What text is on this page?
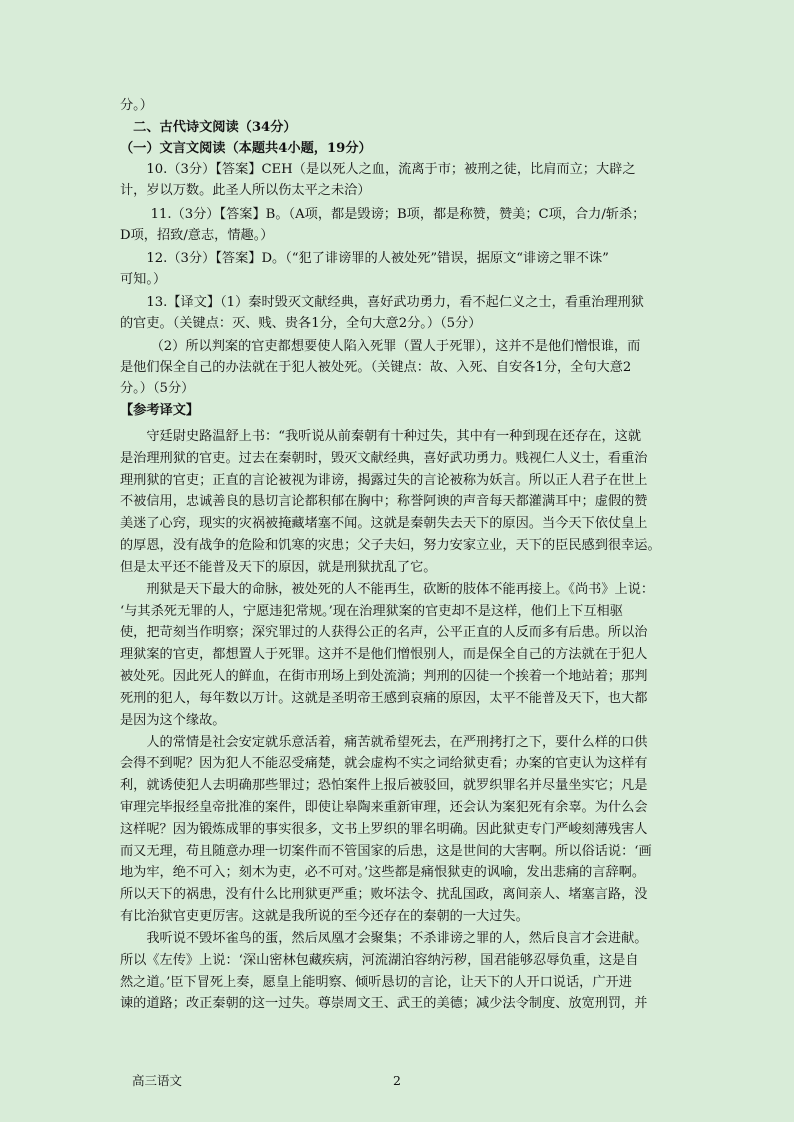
分。）
　二、古代诗文阅读（34分）
（一）文言文阅读（本题共4小题，19分）
　　10.（3分）【答案】CEH（是以死人之血，流离于市；被刑之徒，比肩而立；大辟之
计，岁以万数。此圣人所以伤太平之未洽）
　　 11.（3分）【答案】B。（A项，都是毁谤；B项，都是称赞，赞美；C项，合力/斩杀；
D项，招致/意志，情趣。）
　　12.（3分）【答案】D。（“犯了诽谤罪的人被处死”错误，据原文“诽谤之罪不诛”
可知。）
　　13.【译文】（1）秦时毁灭文献经典，喜好武功勇力，看不起仁义之士，看重治理刑狱
的官吏。（关键点：灭、贱、贵各1分，全句大意2分。）（5分）
　　 （2）所以判案的官吏都想要使人陷入死罪（置人于死罪），这并不是他们憎恨谁，而
是他们保全自己的办法就在于犯人被处死。（关键点：故、入死、自安各1分，全句大意2
分。）（5分）
【参考译文】
　　守廷尉史路温舒上书：“我听说从前秦朝有十种过失，其中有一种到现在还存在，这就
是治理刑狱的官吏。过去在秦朝时，毁灭文献经典，喜好武功勇力。贱视仁人义士，看重治
理刑狱的官吏；正直的言论被视为诽谤，揭露过失的言论被称为妖言。所以正人君子在世上
不被信用，忠诚善良的恳切言论都积郁在胸中；称誉阿谀的声音每天都灌满耳中；虚假的赞
美迷了心窍，现实的灾祸被掩藏堵塞不闻。这就是秦朝失去天下的原因。当今天下依仗皇上
的厚恩，没有战争的危险和饥寒的灾患；父子夫妇，努力安家立业，天下的臣民感到很幸运。
但是太平还不能普及天下的原因，就是刑狱扰乱了它。
　　刑狱是天下最大的命脉，被处死的人不能再生，砍断的肢体不能再接上。《尚书》上说：
‘与其杀死无罪的人，宁愿违犯常规。’现在治理狱案的官吏却不是这样，他们上下互相驱
使，把苛刻当作明察；深究罪过的人获得公正的名声，公平正直的人反而多有后患。所以治
理狱案的官吏，都想置人于死罪。这并不是他们憎恨别人，而是保全自己的方法就在于犯人
被处死。因此死人的鲜血，在街市刑场上到处流淌；判刑的囚徒一个挨着一个地站着；那判
死刑的犯人，每年数以万计。这就是圣明帝王感到哀痛的原因，太平不能普及天下，也大都
是因为这个缘故。
　　人的常情是社会安定就乐意活着，痛苦就希望死去，在严刑拷打之下，要什么样的口供
会得不到呢？因为犯人不能忍受痛楚，就会虚构不实之词给狱吏看；办案的官吏认为这样有
利，就诱使犯人去明确那些罪过；恐怕案件上报后被驳回，就罗织罪名并尽量坐实它；凡是
审理完毕报经皇帝批准的案件，即使让皋陶来重新审理，还会认为案犯死有余辜。为什么会
这样呢？因为锻炼成罪的事实很多，文书上罗织的罪名明确。因此狱吏专门严峻刻薄残害人
而又无理，苟且随意办理一切案件而不管国家的后患，这是世间的大害啊。所以俗话说：‘画
地为牢，绝不可入；刻木为吏，必不可对。’这些都是痛恨狱吏的讽喻，发出悲痛的言辞啊。
所以天下的祸患，没有什么比刑狱更严重；败坏法令、扰乱国政，离间亲人、堵塞言路，没
有比治狱官吏更厉害。这就是我所说的至今还存在的秦朝的一大过失。
　　我听说不毁坏雀鸟的蛋，然后凤凰才会聚集；不杀诽谤之罪的人，然后良言才会进献。
所以《左传》上说：‘深山密林包藏疾病，河流湖泊容纳污秽，国君能够忍辱负重，这是自
然之道。’臣下冒死上奏，愿皇上能明察、倾听恳切的言论，让天下的人开口说话，广开进
谏的道路；改正秦朝的这一过失。尊崇周文王、武王的美德；减少法令制度、放宽刑罚，并
高三语文	2
